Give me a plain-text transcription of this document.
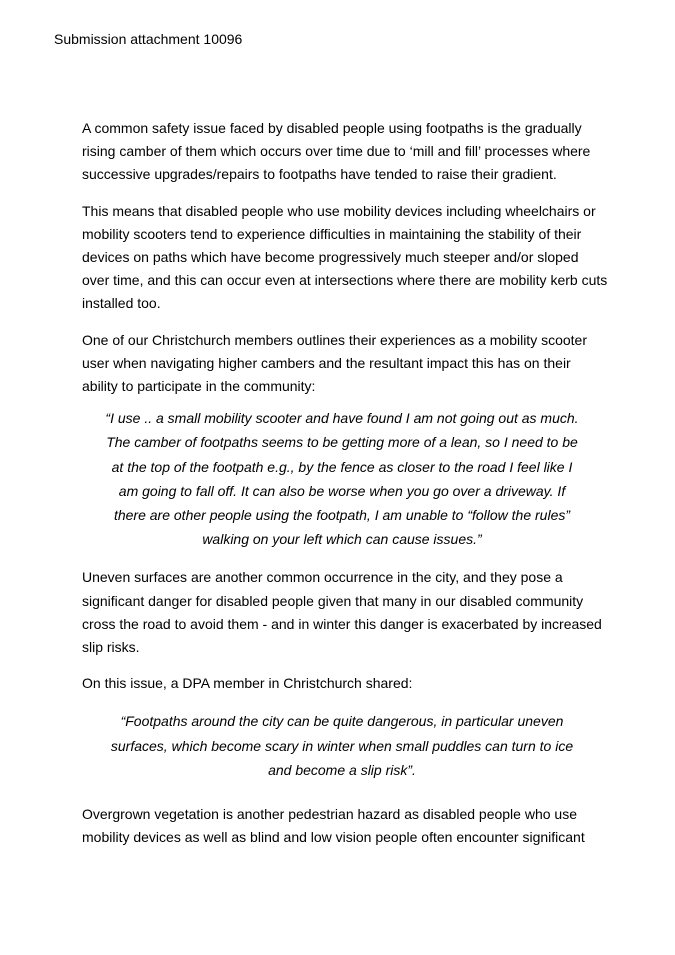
Submission attachment 10096

A common safety issue faced by disabled people using footpaths is the gradually
rising camber of them which occurs over time due to ‘mill and fill’ processes where
successive upgrades/repairs to footpaths have tended to raise their gradient.

This means that disabled people who use mobility devices including wheelchairs or
mobility scooters tend to experience difficulties in maintaining the stability of their
devices on paths which have become progressively much steeper and/or sloped
over time, and this can occur even at intersections where there are mobility kerb cuts
installed too.

One of our Christchurch members outlines their experiences as a mobility scooter
user when navigating higher cambers and the resultant impact this has on their
ability to participate in the community:

“I use .. a small mobility scooter and have found I am not going out as much.
The camber of footpaths seems to be getting more of a lean, so I need to be
at the top of the footpath e.g., by the fence as closer to the road I feel like I
am going to fall off. It can also be worse when you go over a driveway. If
there are other people using the footpath, I am unable to “follow the rules”
walking on your left which can cause issues.”

Uneven surfaces are another common occurrence in the city, and they pose a
significant danger for disabled people given that many in our disabled community
cross the road to avoid them - and in winter this danger is exacerbated by increased
slip risks.

On this issue, a DPA member in Christchurch shared:

“Footpaths around the city can be quite dangerous, in particular uneven
surfaces, which become scary in winter when small puddles can turn to ice
and become a slip risk”.

Overgrown vegetation is another pedestrian hazard as disabled people who use
mobility devices as well as blind and low vision people often encounter significant
